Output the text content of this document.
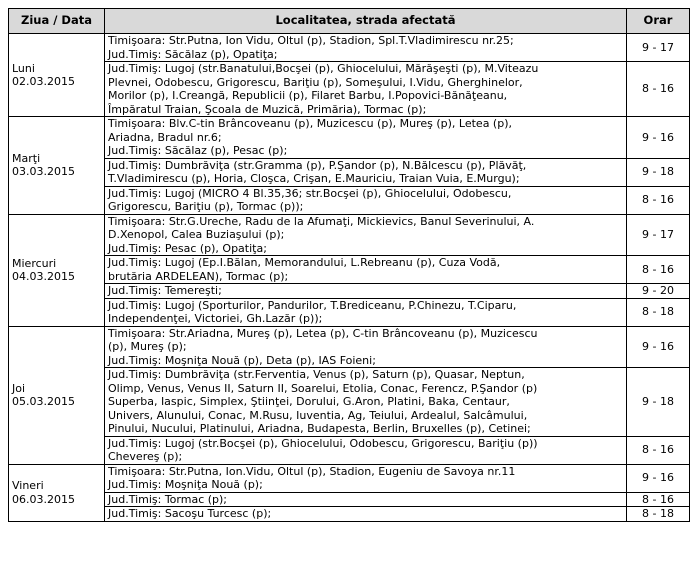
Ziua / Data	Localitatea, strada afectată	Orar

Luni
02.03.2015	Timişoara: Str.Putna, Ion Vidu, Oltul (p), Stadion, Spl.T.Vladimirescu nr.25;
Jud.Timiş: Săcălaz (p), Opatiţa;	9 - 17

	Jud.Timiş: Lugoj (str.Banatului,Bocşei (p), Ghiocelului, Mărăşeşti (p), M.Viteazu
Plevnei, Odobescu, Grigorescu, Bariţiu (p), Someşului, I.Vidu, Gherghinelor,
Morilor (p), I.Creangă, Republicii (p), Filaret Barbu, I.Popovici-Bănăţeanu,
Împăratul Traian, Şcoala de Muzică, Primăria), Tormac (p);	8 - 16

Marţi
03.03.2015	Timişoara: Blv.C-tin Brâncoveanu (p), Muzicescu (p), Mureş (p), Letea (p),
Ariadna, Bradul nr.6;
Jud.Timiş: Săcălaz (p), Pesac (p);	9 - 16

	Jud.Timiş: Dumbrăviţa (str.Gramma (p), P.Şandor (p), N.Bălcescu (p), Plăvăţ,
T.Vladimirescu (p), Horia, Cloşca, Crişan, E.Mauriciu, Traian Vuia, E.Murgu);	9 - 18

	Jud.Timiş: Lugoj (MICRO 4 Bl.35,36; str.Bocşei (p), Ghiocelului, Odobescu,
Grigorescu, Bariţiu (p), Tormac (p));	8 - 16

Miercuri
04.03.2015	Timişoara: Str.G.Ureche, Radu de la Afumaţi, Mickievics, Banul Severinului, A.
D.Xenopol, Calea Buziaşului (p);
Jud.Timiş: Pesac (p), Opatiţa;	9 - 17

	Jud.Timiş: Lugoj (Ep.I.Bălan, Memorandului, L.Rebreanu (p), Cuza Vodă,
brutăria ARDELEAN), Tormac (p);	8 - 16

	Jud.Timiş: Temereşti;	9 - 20

	Jud.Timiş: Lugoj (Sporturilor, Pandurilor, T.Brediceanu, P.Chinezu, T.Ciparu,
Independenţei, Victoriei, Gh.Lazăr (p));	8 - 18

Joi
05.03.2015	Timişoara: Str.Ariadna, Mureş (p), Letea (p), C-tin Brâncoveanu (p), Muzicescu
(p), Mureş (p);
Jud.Timiş: Moşniţa Nouă (p), Deta (p), IAS Foieni;	9 - 16

	Jud.Timiş: Dumbrăviţa (str.Ferventia, Venus (p), Saturn (p), Quasar, Neptun,
Olimp, Venus, Venus II, Saturn II, Soarelui, Etolia, Conac, Ferencz, P.Şandor (p)
Superba, Iaspic, Simplex, Ştiinţei, Dorului, G.Aron, Platini, Baka, Centaur,
Univers, Alunului, Conac, M.Rusu, Iuventia, Ag, Teiului, Ardealul, Salcâmului,
Pinului, Nucului, Platinului, Ariadna, Budapesta, Berlin, Bruxelles (p), Cetinei;	9 - 18

	Jud.Timiş: Lugoj (str.Bocşei (p), Ghiocelului, Odobescu, Grigorescu, Bariţiu (p))
Chevereş (p);	8 - 16

Vineri
06.03.2015	Timişoara: Str.Putna, Ion.Vidu, Oltul (p), Stadion, Eugeniu de Savoya nr.11
Jud.Timiş: Moşniţa Nouă (p);	9 - 16

	Jud.Timiş: Tormac (p);	8 - 16

	Jud.Timiş: Sacoşu Turcesc (p);	8 - 18
